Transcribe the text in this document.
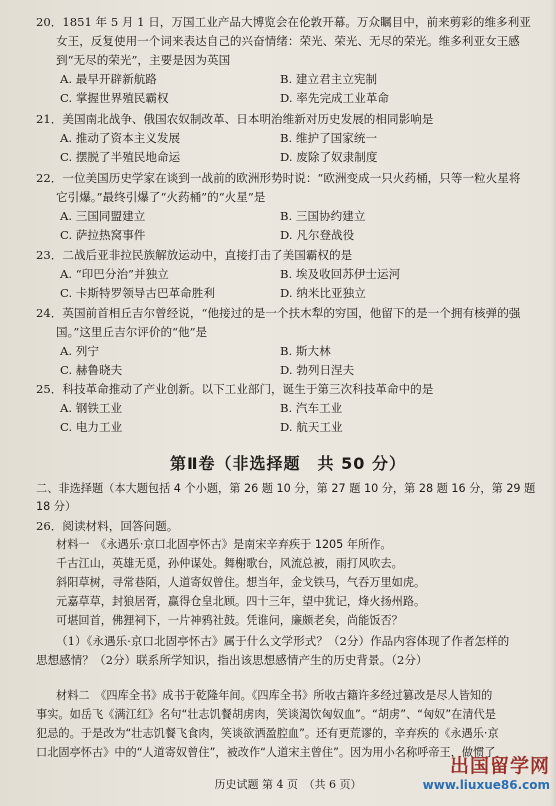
20．1851 年 5 月 1 日，万国工业产品大博览会在伦敦开幕。万众瞩目中，前来剪彩的维多利亚
女王，反复使用一个词来表达自己的兴奋情绪：荣光、荣光、无尽的荣光。维多利亚女王感
到“无尽的荣光”，主要是因为英国
A. 最早开辟新航路	B. 建立君主立宪制
C. 掌握世界殖民霸权	D. 率先完成工业革命
21．美国南北战争、俄国农奴制改革、日本明治维新对历史发展的相同影响是
A. 推动了资本主义发展	B. 维护了国家统一
C. 摆脱了半殖民地命运	D. 废除了奴隶制度
22．一位美国历史学家在谈到一战前的欧洲形势时说：“欧洲变成一只火药桶，只等一粒火星将
它引爆。”最终引爆了“火药桶”的“火星”是
A. 三国同盟建立	B. 三国协约建立
C. 萨拉热窝事件	D. 凡尔登战役
23．二战后亚非拉民族解放运动中，直接打击了美国霸权的是
A. “印巴分治”并独立	B. 埃及收回苏伊士运河
C. 卡斯特罗领导古巴革命胜利	D. 纳米比亚独立
24．英国前首相丘吉尔曾经说，“他接过的是一个扶木犁的穷国，他留下的是一个拥有核弹的强
国。”这里丘吉尔评价的“他”是
A. 列宁	B. 斯大林
C. 赫鲁晓夫	D. 勃列日涅夫
25．科技革命推动了产业创新。以下工业部门，诞生于第三次科技革命中的是
A. 钢铁工业	B. 汽车工业
C. 电力工业	D. 航天工业
第Ⅱ卷（非选择题　共 50 分）
二、非选择题（本大题包括 4 个小题，第 26 题 10 分，第 27 题 10 分，第 28 题 16 分，第 29 题
18 分）
26．阅读材料，回答问题。
材料一　《永遇乐·京口北固亭怀古》是南宋辛弃疾于 1205 年所作。
千古江山，英雄无觅，孙仲谋处。舞榭歌台，风流总被，雨打风吹去。
斜阳草树，寻常巷陌，人道寄奴曾住。想当年，金戈铁马，气吞万里如虎。
元嘉草草，封狼居胥，赢得仓皇北顾。四十三年，望中犹记，烽火扬州路。
可堪回首，佛狸祠下，一片神鸦社鼓。凭谁问，廉颇老矣，尚能饭否？
（1）《永遇乐·京口北固亭怀古》属于什么文学形式？（2分）作品内容体现了作者怎样的
思想感情？（2分）联系所学知识，指出该思想感情产生的历史背景。（2分）
材料二　《四库全书》成书于乾隆年间。《四库全书》所收古籍许多经过篡改是尽人皆知的
事实。如岳飞《满江红》名句“壮志饥餐胡虏肉，笑谈渴饮匈奴血”。“胡虏”、“匈奴”在清代是
犯忌的。于是改为“壮志饥餐飞食肉，笑谈欲洒盈腔血”。还有更荒谬的，辛弃疾的《永遇乐·京
口北固亭怀古》中的“人道寄奴曾住”，被改作“人道宋主曾住”。因为用小名称呼帝王，做惯了
历史试题 第 4 页　（共 6 页）
出国留学网
www.liuxue86.com
